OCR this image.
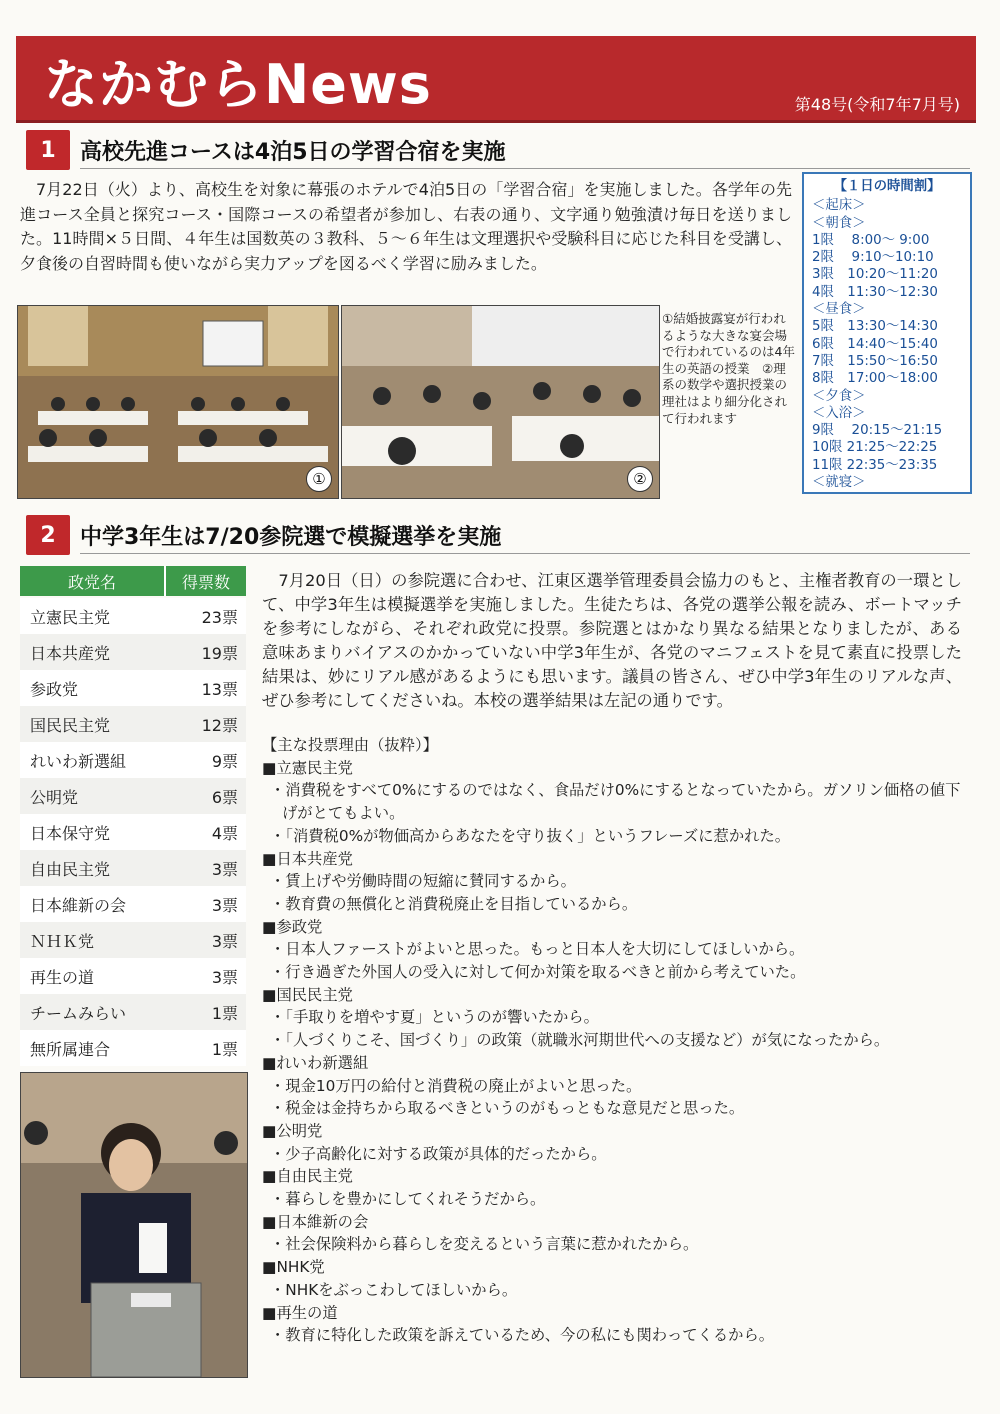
なかむらNews	第48号(令和7年7月号)
1	高校先進コースは4泊5日の学習合宿を実施
　7月22日（火）より、高校生を対象に幕張のホテルで4泊5日の「学習合宿」を実施しました。各学年の先進コース全員と探究コース・国際コースの希望者が参加し、右表の通り、文字通り勉強漬け毎日を送りました。11時間×５日間、４年生は国数英の３教科、５～６年生は文理選択や受験科目に応じた科目を受講し、夕食後の自習時間も使いながら実力アップを図るべく学習に励みました。
【１日の時間割】
＜起床＞
＜朝食＞
1限　 8:00～ 9:00
2限　 9:10～10:10
3限　10:20～11:20
4限　11:30～12:30
＜昼食＞
5限　13:30～14:30
6限　14:40～15:40
7限　15:50～16:50
8限　17:00～18:00
＜夕食＞
＜入浴＞
9限　 20:15～21:15
10限 21:25～22:25
11限 22:35～23:35
＜就寝＞
①	②
①結婚披露宴が行われるような大きな宴会場で行われているのは4年生の英語の授業　②理系の数学や選択授業の理社はより細分化されて行われます
2	中学3年生は7/20参院選で模擬選挙を実施
政党名	得票数
立憲民主党	23票
日本共産党	19票
参政党	13票
国民民主党	12票
れいわ新選組	9票
公明党	6票
日本保守党	4票
自由民主党	3票
日本維新の会	3票
ＮＨＫ党	3票
再生の道	3票
チームみらい	1票
無所属連合	1票
　7月20日（日）の参院選に合わせ、江東区選挙管理委員会協力のもと、主権者教育の一環として、中学3年生は模擬選挙を実施しました。生徒たちは、各党の選挙公報を読み、ボートマッチを参考にしながら、それぞれ政党に投票。参院選とはかなり異なる結果となりましたが、ある意味あまりバイアスのかかっていない中学3年生が、各党のマニフェストを見て素直に投票した結果は、妙にリアル感があるようにも思います。議員の皆さん、ぜひ中学3年生のリアルな声、ぜひ参考にしてくださいね。本校の選挙結果は左記の通りです。
【主な投票理由（抜粋）】
■立憲民主党
・消費税をすべて0%にするのではなく、食品だけ0%にするとなっていたから。ガソリン価格の値下げがとてもよい。
・「消費税0%が物価高からあなたを守り抜く」というフレーズに惹かれた。
■日本共産党
・賃上げや労働時間の短縮に賛同するから。
・教育費の無償化と消費税廃止を目指しているから。
■参政党
・日本人ファーストがよいと思った。もっと日本人を大切にしてほしいから。
・行き過ぎた外国人の受入に対して何か対策を取るべきと前から考えていた。
■国民民主党
・「手取りを増やす夏」というのが響いたから。
・「人づくりこそ、国づくり」の政策（就職氷河期世代への支援など）が気になったから。
■れいわ新選組
・現金10万円の給付と消費税の廃止がよいと思った。
・税金は金持ちから取るべきというのがもっともな意見だと思った。
■公明党
・少子高齢化に対する政策が具体的だったから。
■自由民主党
・暮らしを豊かにしてくれそうだから。
■日本維新の会
・社会保険料から暮らしを変えるという言葉に惹かれたから。
■NHK党
・NHKをぶっこわしてほしいから。
■再生の道
・教育に特化した政策を訴えているため、今の私にも関わってくるから。
